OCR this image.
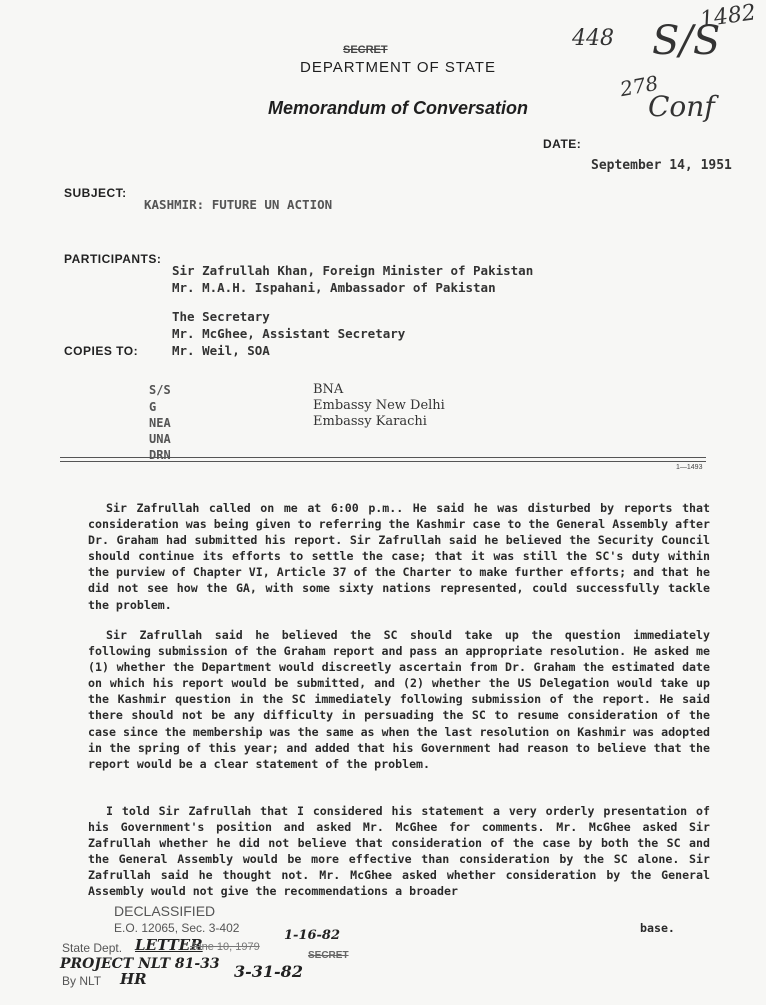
448
1482
S/S
278
Conf
SECRET
DEPARTMENT OF STATE
Memorandum of Conversation
DATE:
September 14, 1951
SUBJECT:
KASHMIR: FUTURE UN ACTION
PARTICIPANTS:
Sir Zafrullah Khan, Foreign Minister of Pakistan
Mr. M.A.H. Ispahani, Ambassador of Pakistan
The Secretary
Mr. McGhee, Assistant Secretary
Mr. Weil, SOA
COPIES TO:
S/S
G
NEA
UNA
DRN
BNA
Embassy New Delhi
Embassy Karachi
1—1493
Sir Zafrullah called on me at 6:00 p.m.. He said he was disturbed by reports that consideration was being given to referring the Kashmir case to the General Assembly after Dr. Graham had submitted his report. Sir Zafrullah said he believed the Security Council should continue its efforts to settle the case; that it was still the SC's duty within the purview of Chapter VI, Article 37 of the Charter to make further efforts; and that he did not see how the GA, with some sixty nations represented, could successfully tackle the problem.
Sir Zafrullah said he believed the SC should take up the question immediately following submission of the Graham report and pass an appropriate resolution. He asked me (1) whether the Department would discreetly ascertain from Dr. Graham the estimated date on which his report would be submitted, and (2) whether the US Delegation would take up the Kashmir question in the SC immediately following submission of the report. He said there should not be any difficulty in persuading the SC to resume consideration of the case since the membership was the same as when the last resolution on Kashmir was adopted in the spring of this year; and added that his Government had reason to believe that the report would be a clear statement of the problem.
I told Sir Zafrullah that I considered his statement a very orderly presentation of his Government's position and asked Mr. McGhee for comments. Mr. McGhee asked Sir Zafrullah whether he did not believe that consideration of the case by both the SC and the General Assembly would be more effective than consideration by the SC alone. Sir Zafrullah said he thought not. Mr. McGhee asked whether consideration by the General Assembly would not give the recommendations a broader
base.
DECLASSIFIED
E.O. 12065, Sec. 3-402
State Dept. LETTER
June 10, 1979
1-16-82
SECRET
PROJECT NLT 81-33
By NLT HR	3-31-82
